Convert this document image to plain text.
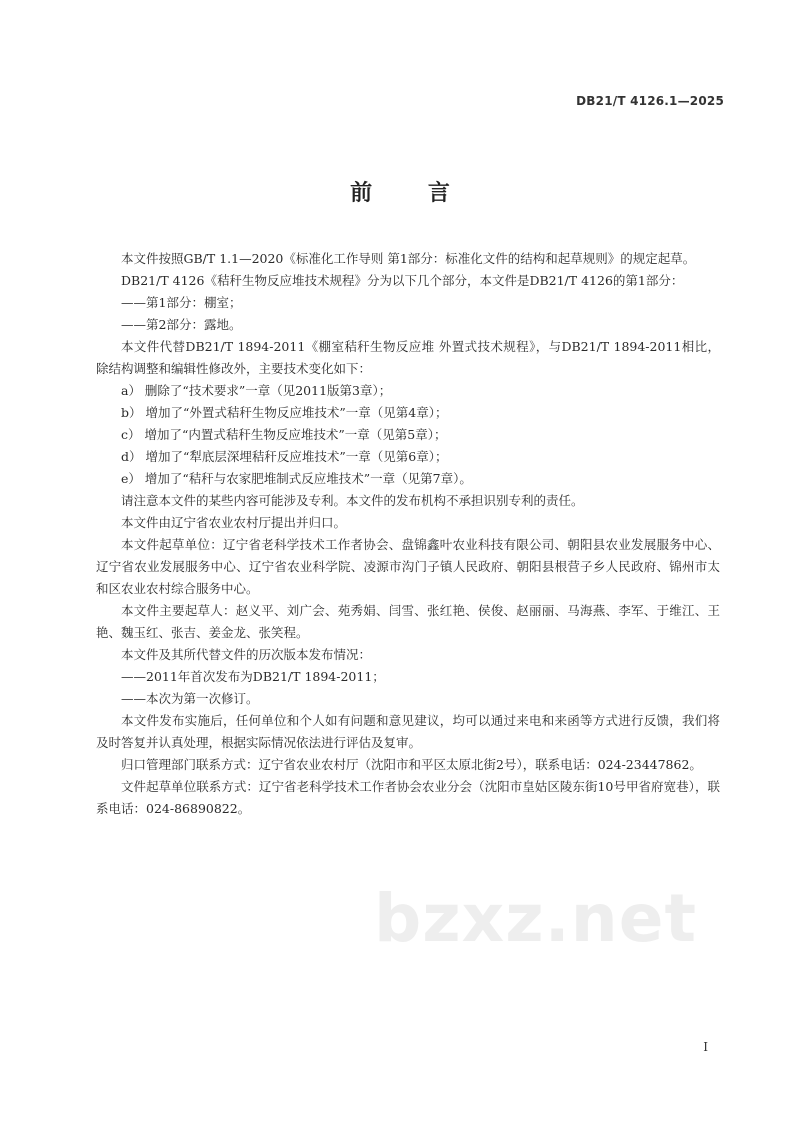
DB21/T 4126.1—2025
前 言

本文件按照GB/T 1.1—2020《标准化工作导则 第1部分：标准化文件的结构和起草规则》的规定起草。

DB21/T 4126《秸秆生物反应堆技术规程》分为以下几个部分，本文件是DB21/T 4126的第1部分：

——第1部分：棚室；

——第2部分：露地。

本文件代替DB21/T 1894-2011《棚室秸秆生物反应堆 外置式技术规程》，与DB21/T 1894-2011相比，除结构调整和编辑性修改外，主要技术变化如下：

a） 删除了“技术要求”一章（见2011版第3章）；

b） 增加了“外置式秸秆生物反应堆技术”一章（见第4章）；

c） 增加了“内置式秸秆生物反应堆技术”一章（见第5章）；

d） 增加了“犁底层深埋秸秆反应堆技术”一章（见第6章）；

e） 增加了“秸秆与农家肥堆制式反应堆技术”一章（见第7章）。

请注意本文件的某些内容可能涉及专利。本文件的发布机构不承担识别专利的责任。

本文件由辽宁省农业农村厅提出并归口。

本文件起草单位：辽宁省老科学技术工作者协会、盘锦鑫叶农业科技有限公司、朝阳县农业发展服务中心、辽宁省农业发展服务中心、辽宁省农业科学院、凌源市沟门子镇人民政府、朝阳县根营子乡人民政府、锦州市太和区农业农村综合服务中心。

本文件主要起草人：赵义平、刘广会、苑秀娟、闫雪、张红艳、侯俊、赵丽丽、马海燕、李军、于维江、王艳、魏玉红、张吉、姜金龙、张笑程。

本文件及其所代替文件的历次版本发布情况：

——2011年首次发布为DB21/T 1894-2011；

——本次为第一次修订。

本文件发布实施后，任何单位和个人如有问题和意见建议，均可以通过来电和来函等方式进行反馈，我们将及时答复并认真处理，根据实际情况依法进行评估及复审。

归口管理部门联系方式：辽宁省农业农村厅（沈阳市和平区太原北街2号），联系电话：024-23447862。

文件起草单位联系方式：辽宁省老科学技术工作者协会农业分会（沈阳市皇姑区陵东街10号甲省府宽巷），联系电话：024-86890822。

bzxz.net
I
